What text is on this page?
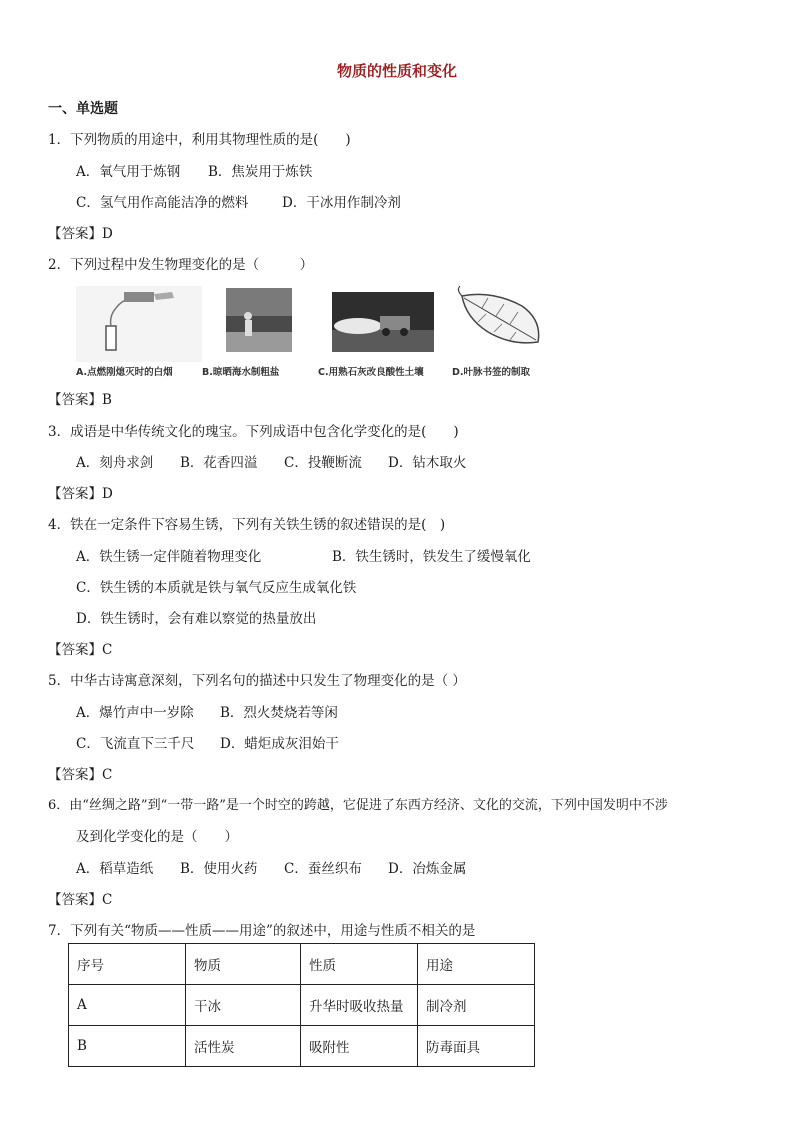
物质的性质和变化
一、单选题
1．下列物质的用途中，利用其物理性质的是(　　)
A．氧气用于炼钢 B．焦炭用于炼铁
C．氢气用作高能洁净的燃料 D．干冰用作制冷剂
【答案】D
2．下列过程中发生物理变化的是（　　　）
A.点燃刚熄灭时的白烟	B.晾晒海水制粗盐	C.用熟石灰改良酸性土壤	D.叶脉书签的制取
【答案】B
3．成语是中华传统文化的瑰宝。下列成语中包含化学变化的是(　　)
A．刻舟求剑 B．花香四溢 C．投鞭断流 D．钻木取火
【答案】D
4．铁在一定条件下容易生锈，下列有关铁生锈的叙述错误的是(　)
A．铁生锈一定伴随着物理变化	B．铁生锈时，铁发生了缓慢氧化
C．铁生锈的本质就是铁与氧气反应生成氧化铁
D．铁生锈时，会有难以察觉的热量放出
【答案】C
5．中华古诗寓意深刻，下列名句的描述中只发生了物理变化的是（ ）
A．爆竹声中一岁除 B．烈火焚烧若等闲
C．飞流直下三千尺 D．蜡炬成灰泪始干
【答案】C
6．由“丝绸之路”到“一带一路”是一个时空的跨越，它促进了东西方经济、文化的交流，下列中国发明中不涉
及到化学变化的是（　　）
A．稻草造纸 B．使用火药 C．蚕丝织布 D．冶炼金属
【答案】C
7．下列有关“物质——性质——用途”的叙述中，用途与性质不相关的是
序号	物质	性质	用途
A	干冰	升华时吸收热量	制冷剂
B	活性炭	吸附性	防毒面具
